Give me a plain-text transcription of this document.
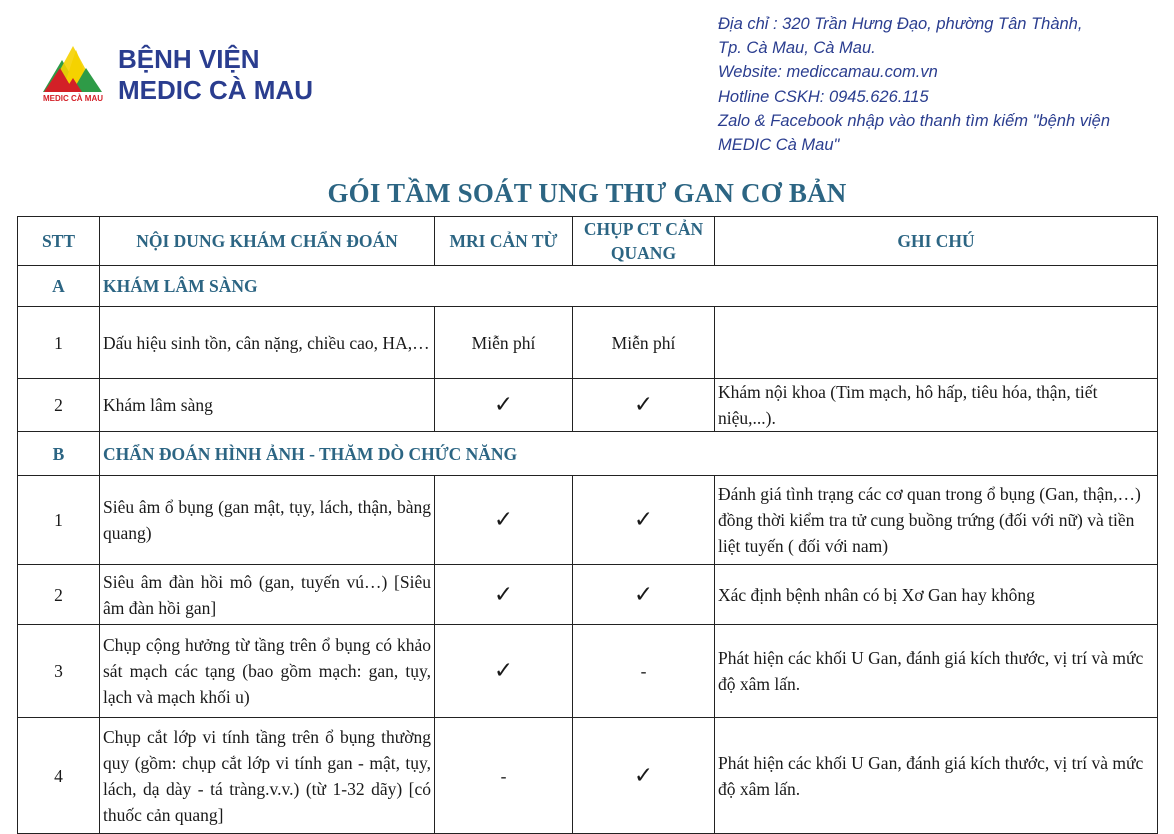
MEDIC CÀ MAU
BỆNH VIỆN
MEDIC CÀ MAU
Địa chỉ : 320 Trần Hưng Đạo, phường Tân Thành,
Tp. Cà Mau, Cà Mau.
Website: mediccamau.com.vn
Hotline CSKH: 0945.626.115
Zalo & Facebook nhập vào thanh tìm kiếm "bệnh viện
MEDIC Cà Mau"
GÓI TẦM SOÁT UNG THƯ GAN CƠ BẢN
STT	NỘI DUNG KHÁM CHẨN ĐOÁN	MRI CẢN TỪ	CHỤP CT CẢN QUANG	GHI CHÚ
A	KHÁM LÂM SÀNG			
1	Dấu hiệu sinh tồn, cân nặng, chiều cao, HA,…	Miễn phí	Miễn phí	
2	Khám lâm sàng	✓	✓	Khám nội khoa (Tim mạch, hô hấp, tiêu hóa, thận, tiết niệu,...).
B	CHẨN ĐOÁN HÌNH ẢNH - THĂM DÒ CHỨC NĂNG			
1	Siêu âm ổ bụng (gan mật, tụy, lách, thận, bàng quang)	✓	✓	Đánh giá tình trạng các cơ quan trong ổ bụng (Gan, thận,…) đồng thời kiểm tra tử cung buồng trứng (đối với nữ) và tiền liệt tuyến ( đối với nam)
2	Siêu âm đàn hồi mô (gan, tuyến vú…) [Siêu âm đàn hồi gan]	✓	✓	Xác định bệnh nhân có bị Xơ Gan hay không
3	Chụp cộng hưởng từ tầng trên ổ bụng có khảo sát mạch các tạng (bao gồm mạch: gan, tụy, lạch và mạch khối u)	✓	-	Phát hiện các khối U Gan, đánh giá kích thước, vị trí và mức độ xâm lấn.
4	Chụp cắt lớp vi tính tầng trên ổ bụng thường quy (gồm: chụp cắt lớp vi tính gan - mật, tụy, lách, dạ dày - tá tràng.v.v.) (từ 1-32 dãy) [có thuốc cản quang]	-	✓	Phát hiện các khối U Gan, đánh giá kích thước, vị trí và mức độ xâm lấn.
